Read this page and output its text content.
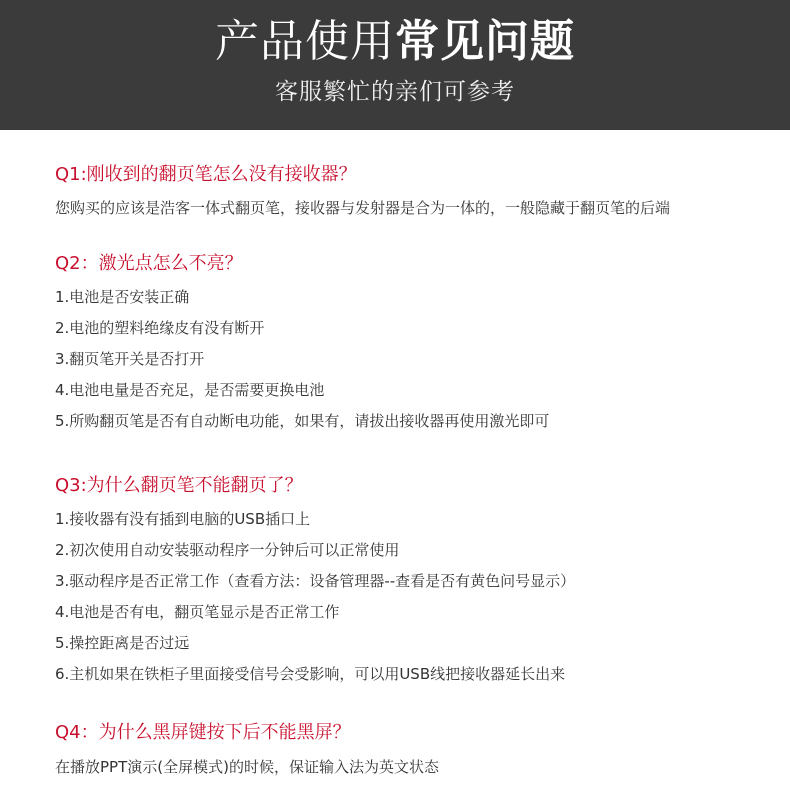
产品使用常见问题
客服繁忙的亲们可参考
Q1:刚收到的翻页笔怎么没有接收器？
您购买的应该是浩客一体式翻页笔，接收器与发射器是合为一体的，一般隐藏于翻页笔的后端
Q2：激光点怎么不亮？
1.电池是否安装正确
2.电池的塑料绝缘皮有没有断开
3.翻页笔开关是否打开
4.电池电量是否充足，是否需要更换电池
5.所购翻页笔是否有自动断电功能，如果有，请拔出接收器再使用激光即可
Q3:为什么翻页笔不能翻页了？
1.接收器有没有插到电脑的USB插口上
2.初次使用自动安装驱动程序一分钟后可以正常使用
3.驱动程序是否正常工作（查看方法：设备管理器--查看是否有黄色问号显示）
4.电池是否有电，翻页笔显示是否正常工作
5.操控距离是否过远
6.主机如果在铁柜子里面接受信号会受影响，可以用USB线把接收器延长出来
Q4：为什么黑屏键按下后不能黑屏？
在播放PPT演示(全屏模式)的时候，保证输入法为英文状态
